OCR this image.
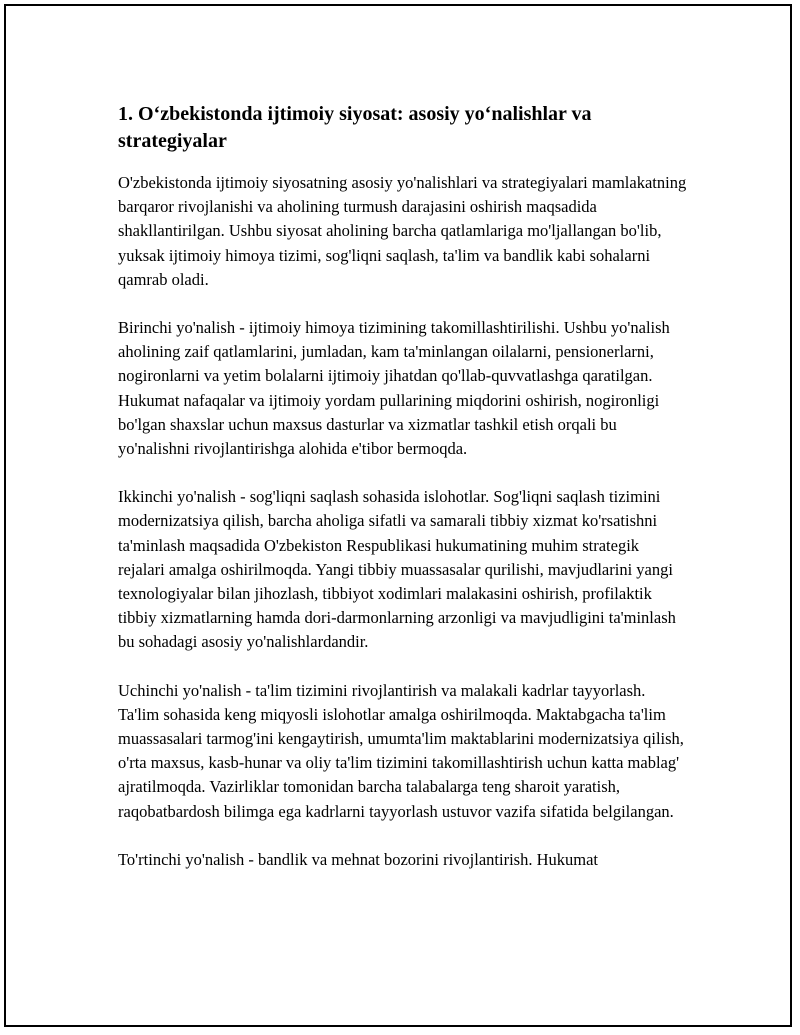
1. O‘zbekistonda ijtimoiy siyosat: asosiy yo‘nalishlar va strategiyalar

O'zbekistonda ijtimoiy siyosatning asosiy yo'nalishlari va strategiyalari mamlakatning barqaror rivojlanishi va aholining turmush darajasini oshirish maqsadida shakllantirilgan. Ushbu siyosat aholining barcha qatlamlariga mo'ljallangan bo'lib, yuksak ijtimoiy himoya tizimi, sog'liqni saqlash, ta'lim va bandlik kabi sohalarni qamrab oladi.

Birinchi yo'nalish - ijtimoiy himoya tizimining takomillashtirilishi. Ushbu yo'nalish aholining zaif qatlamlarini, jumladan, kam ta'minlangan oilalarni, pensionerlarni, nogironlarni va yetim bolalarni ijtimoiy jihatdan qo'llab-quvvatlashga qaratilgan. Hukumat nafaqalar va ijtimoiy yordam pullarining miqdorini oshirish, nogironligi bo'lgan shaxslar uchun maxsus dasturlar va xizmatlar tashkil etish orqali bu yo'nalishni rivojlantirishga alohida e'tibor bermoqda.

Ikkinchi yo'nalish - sog'liqni saqlash sohasida islohotlar. Sog'liqni saqlash tizimini modernizatsiya qilish, barcha aholiga sifatli va samarali tibbiy xizmat ko'rsatishni ta'minlash maqsadida O'zbekiston Respublikasi hukumatining muhim strategik rejalari amalga oshirilmoqda. Yangi tibbiy muassasalar qurilishi, mavjudlarini yangi texnologiyalar bilan jihozlash, tibbiyot xodimlari malakasini oshirish, profilaktik tibbiy xizmatlarning hamda dori-darmonlarning arzonligi va mavjudligini ta'minlash bu sohadagi asosiy yo'nalishlardandir.

Uchinchi yo'nalish - ta'lim tizimini rivojlantirish va malakali kadrlar tayyorlash. Ta'lim sohasida keng miqyosli islohotlar amalga oshirilmoqda. Maktabgacha ta'lim muassasalari tarmog'ini kengaytirish, umumta'lim maktablarini modernizatsiya qilish, o'rta maxsus, kasb-hunar va oliy ta'lim tizimini takomillashtirish uchun katta mablag' ajratilmoqda. Vazirliklar tomonidan barcha talabalarga teng sharoit yaratish, raqobatbardosh bilimga ega kadrlarni tayyorlash ustuvor vazifa sifatida belgilangan.

To'rtinchi yo'nalish - bandlik va mehnat bozorini rivojlantirish. Hukumat
